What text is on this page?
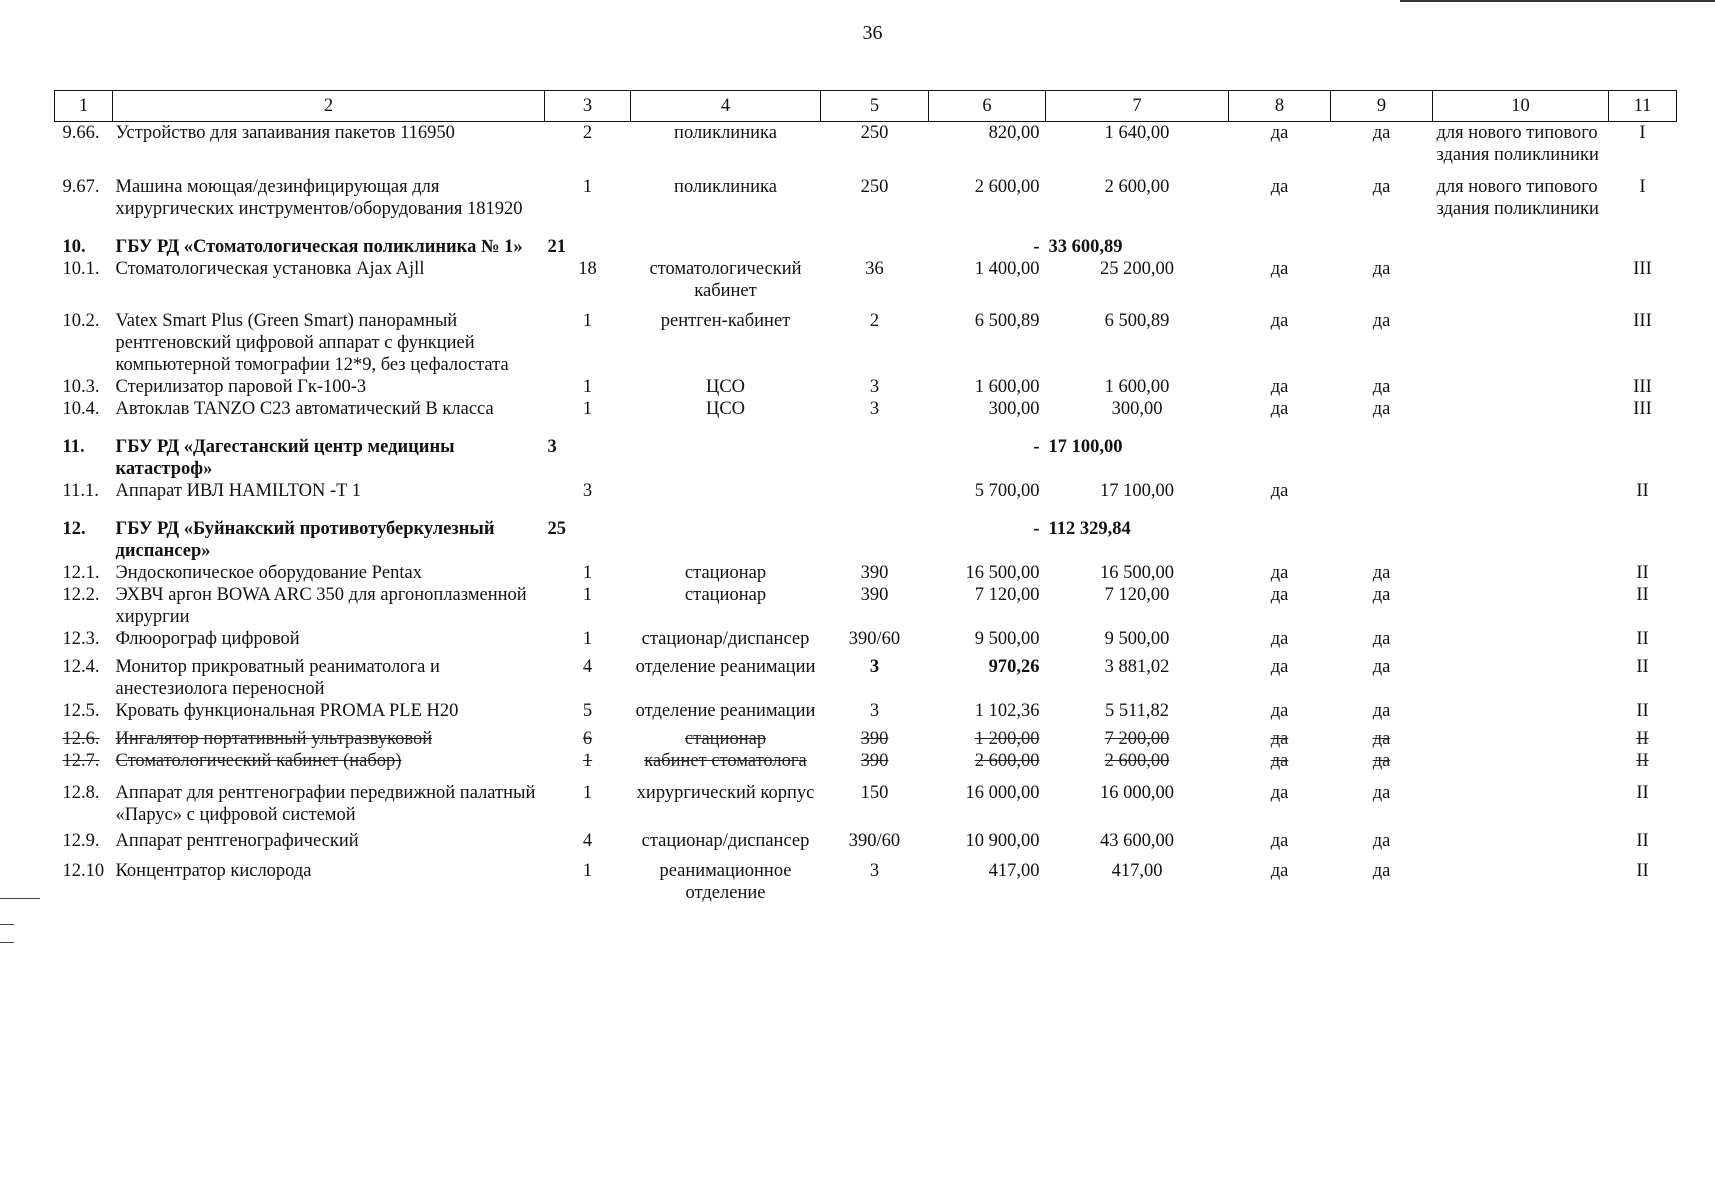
36
1	2	3	4	5	6	7	8	9	10	11
9.66.	Устройство для запаивания пакетов 116950	2	поликлиника	250	820,00	1 640,00	да	да	для нового типового здания поликлиники	I
9.67.	Машина моющая/дезинфицирующая для хирургических инструментов/оборудования 181920	1	поликлиника	250	2 600,00	2 600,00	да	да	для нового типового здания поликлиники	I
10.	ГБУ РД «Стоматологическая поликлиника № 1»	21			-	33 600,89				
10.1.	Стоматологическая установка Ajax Ajll	18	стоматологический кабинет	36	1 400,00	25 200,00	да	да		III
10.2.	Vatex Smart Plus (Green Smart) панорамный рентгеновский цифровой аппарат с функцией компьютерной томографии 12*9, без цефалостата	1	рентген-кабинет	2	6 500,89	6 500,89	да	да		III
10.3.	Стерилизатор паровой Гк-100-3	1	ЦСО	3	1 600,00	1 600,00	да	да		III
10.4.	Автоклав TANZO C23 автоматический В класса	1	ЦСО	3	300,00	300,00	да	да		III
11.	ГБУ РД «Дагестанский центр медицины катастроф»	3			-	17 100,00				
11.1.	Аппарат ИВЛ HAMILTON -T 1	3			5 700,00	17 100,00	да			II
12.	ГБУ РД «Буйнакский противотуберкулезный диспансер»	25			-	112 329,84				
12.1.	Эндоскопическое оборудование Pentax	1	стационар	390	16 500,00	16 500,00	да	да		II
12.2.	ЭХВЧ аргон BOWA ARC 350 для аргоноплазменной хирургии	1	стационар	390	7 120,00	7 120,00	да	да		II
12.3.	Флюорограф цифровой	1	стационар/диспансер	390/60	9 500,00	9 500,00	да	да		II
12.4.	Монитор прикроватный реаниматолога и анестезиолога переносной	4	отделение реанимации	3	970,26	3 881,02	да	да		II
12.5.	Кровать функциональная PROMA PLE H20	5	отделение реанимации	3	1 102,36	5 511,82	да	да		II
12.6.	Ингалятор портативный ультразвуковой	6	стационар	390	1 200,00	7 200,00	да	да		II
12.7.	Стоматологический кабинет (набор)	1	кабинет стоматолога	390	2 600,00	2 600,00	да	да		II
12.8.	Аппарат для рентгенографии передвижной палатный «Парус» с цифровой системой	1	хирургический корпус	150	16 000,00	16 000,00	да	да		II
12.9.	Аппарат рентгенографический	4	стационар/диспансер	390/60	10 900,00	43 600,00	да	да		II
12.10	Концентратор кислорода	1	реанимационное отделение	3	417,00	417,00	да	да		II
